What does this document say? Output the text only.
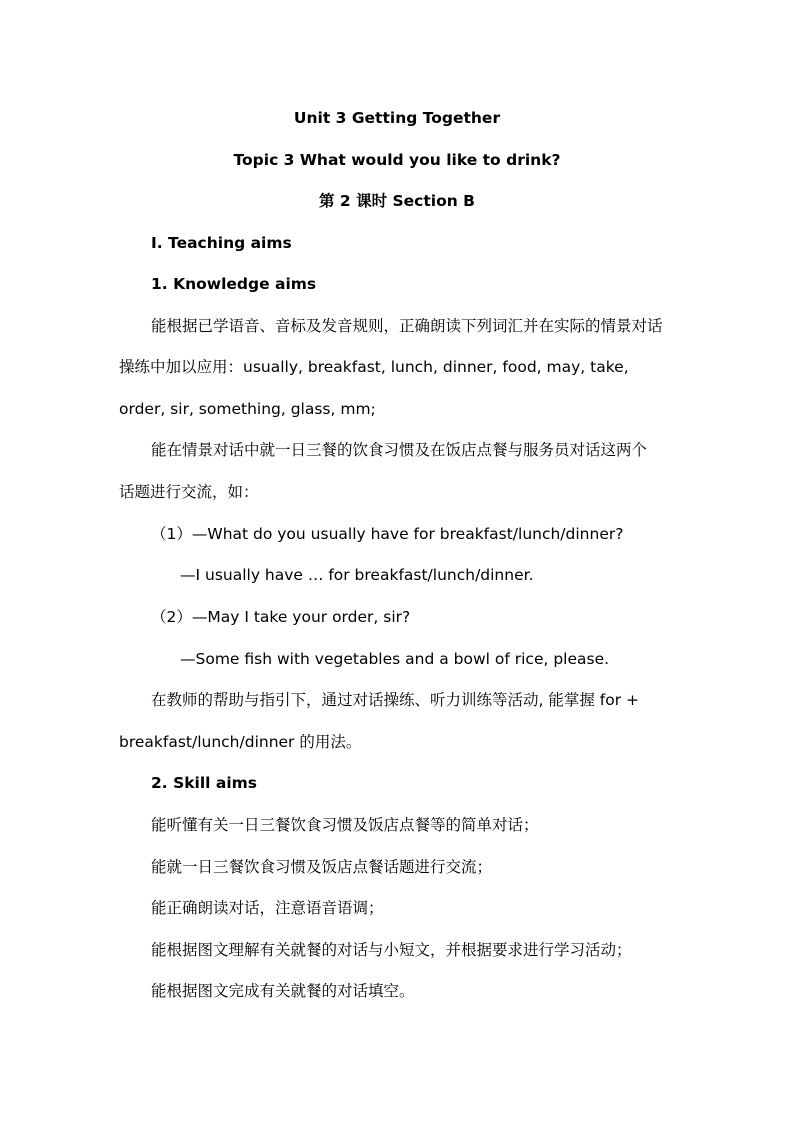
Unit 3 Getting Together
Topic 3 What would you like to drink?
第 2 课时 Section B
I. Teaching aims
1. Knowledge aims
能根据已学语音、音标及发音规则，正确朗读下列词汇并在实际的情景对话
操练中加以应用：usually, breakfast, lunch, dinner, food, may, take,
order, sir, something, glass, mm;
能在情景对话中就一日三餐的饮食习惯及在饭店点餐与服务员对话这两个
话题进行交流，如：
（1）—What do you usually have for breakfast/lunch/dinner?
—I usually have … for breakfast/lunch/dinner.
（2）—May I take your order, sir?
—Some fish with vegetables and a bowl of rice, please.
在教师的帮助与指引下，通过对话操练、听力训练等活动, 能掌握 for +
breakfast/lunch/dinner 的用法。
2. Skill aims
能听懂有关一日三餐饮食习惯及饭店点餐等的简单对话；
能就一日三餐饮食习惯及饭店点餐话题进行交流；
能正确朗读对话，注意语音语调；
能根据图文理解有关就餐的对话与小短文，并根据要求进行学习活动；
能根据图文完成有关就餐的对话填空。
